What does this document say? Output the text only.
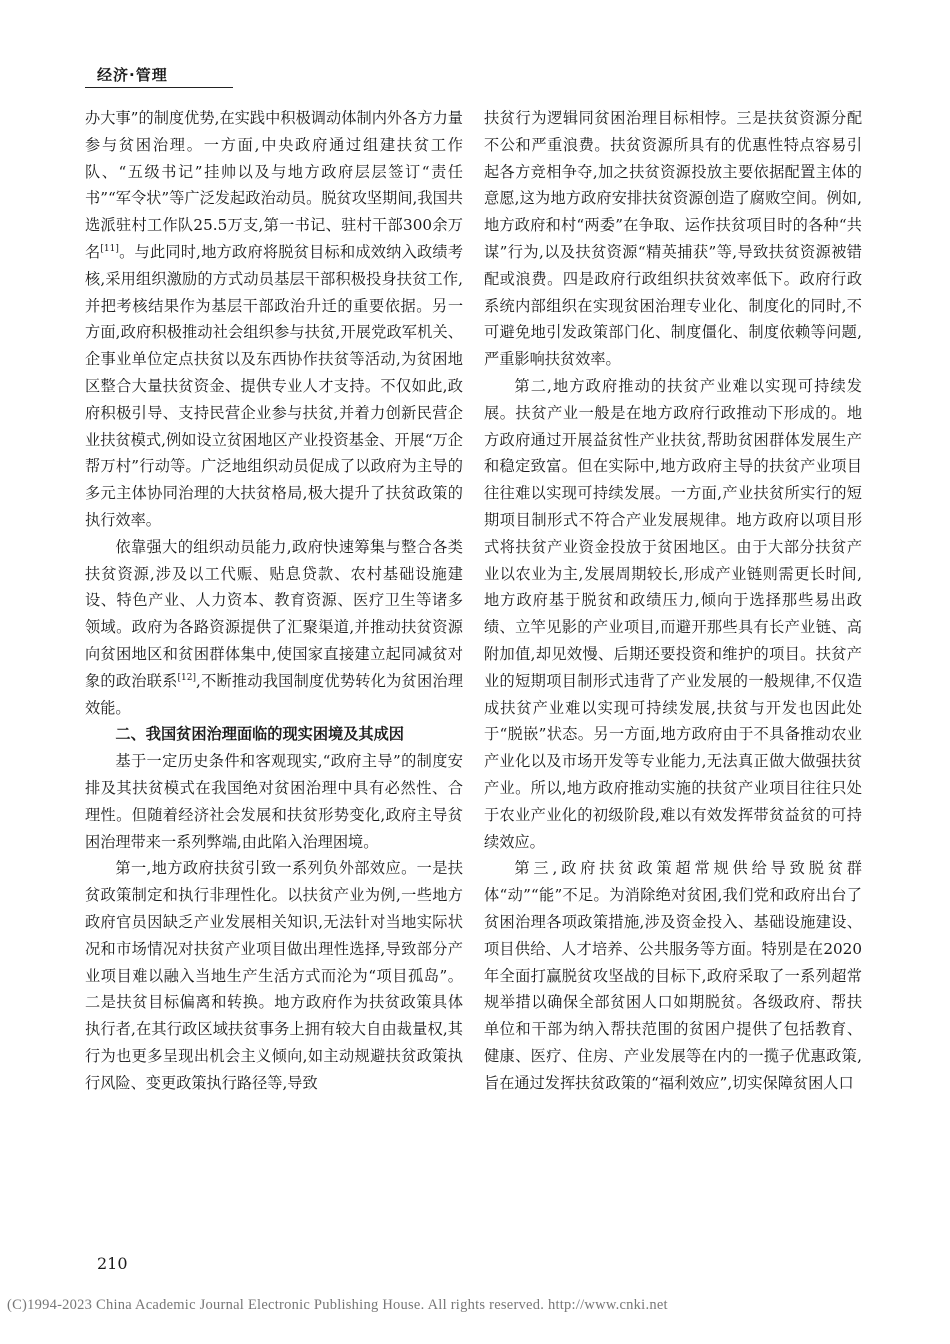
经济·管理

办大事”的制度优势,在实践中积极调动体制内外各方力量参与贫困治理。一方面,中央政府通过组建扶贫工作队、“五级书记”挂帅以及与地方政府层层签订“责任书”“军令状”等广泛发起政治动员。脱贫攻坚期间,我国共选派驻村工作队25.5万支,第一书记、驻村干部300余万名[11]。与此同时,地方政府将脱贫目标和成效纳入政绩考核,采用组织激励的方式动员基层干部积极投身扶贫工作,并把考核结果作为基层干部政治升迁的重要依据。另一方面,政府积极推动社会组织参与扶贫,开展党政军机关、企事业单位定点扶贫以及东西协作扶贫等活动,为贫困地区整合大量扶贫资金、提供专业人才支持。不仅如此,政府积极引导、支持民营企业参与扶贫,并着力创新民营企业扶贫模式,例如设立贫困地区产业投资基金、开展“万企帮万村”行动等。广泛地组织动员促成了以政府为主导的多元主体协同治理的大扶贫格局,极大提升了扶贫政策的执行效率。

依靠强大的组织动员能力,政府快速筹集与整合各类扶贫资源,涉及以工代赈、贴息贷款、农村基础设施建设、特色产业、人力资本、教育资源、医疗卫生等诸多领域。政府为各路资源提供了汇聚渠道,并推动扶贫资源向贫困地区和贫困群体集中,使国家直接建立起同减贫对象的政治联系[12],不断推动我国制度优势转化为贫困治理效能。

二、我国贫困治理面临的现实困境及其成因

基于一定历史条件和客观现实,“政府主导”的制度安排及其扶贫模式在我国绝对贫困治理中具有必然性、合理性。但随着经济社会发展和扶贫形势变化,政府主导贫困治理带来一系列弊端,由此陷入治理困境。

第一,地方政府扶贫引致一系列负外部效应。一是扶贫政策制定和执行非理性化。以扶贫产业为例,一些地方政府官员因缺乏产业发展相关知识,无法针对当地实际状况和市场情况对扶贫产业项目做出理性选择,导致部分产业项目难以融入当地生产生活方式而沦为“项目孤岛”。二是扶贫目标偏离和转换。地方政府作为扶贫政策具体执行者,在其行政区域扶贫事务上拥有较大自由裁量权,其行为也更多呈现出机会主义倾向,如主动规避扶贫政策执行风险、变更政策执行路径等,导致

扶贫行为逻辑同贫困治理目标相悖。三是扶贫资源分配不公和严重浪费。扶贫资源所具有的优惠性特点容易引起各方竞相争夺,加之扶贫资源投放主要依据配置主体的意愿,这为地方政府安排扶贫资源创造了腐败空间。例如,地方政府和村“两委”在争取、运作扶贫项目时的各种“共谋”行为,以及扶贫资源“精英捕获”等,导致扶贫资源被错配或浪费。四是政府行政组织扶贫效率低下。政府行政系统内部组织在实现贫困治理专业化、制度化的同时,不可避免地引发政策部门化、制度僵化、制度依赖等问题,严重影响扶贫效率。

第二,地方政府推动的扶贫产业难以实现可持续发展。扶贫产业一般是在地方政府行政推动下形成的。地方政府通过开展益贫性产业扶贫,帮助贫困群体发展生产和稳定致富。但在实际中,地方政府主导的扶贫产业项目往往难以实现可持续发展。一方面,产业扶贫所实行的短期项目制形式不符合产业发展规律。地方政府以项目形式将扶贫产业资金投放于贫困地区。由于大部分扶贫产业以农业为主,发展周期较长,形成产业链则需更长时间,地方政府基于脱贫和政绩压力,倾向于选择那些易出政绩、立竿见影的产业项目,而避开那些具有长产业链、高附加值,却见效慢、后期还要投资和维护的项目。扶贫产业的短期项目制形式违背了产业发展的一般规律,不仅造成扶贫产业难以实现可持续发展,扶贫与开发也因此处于“脱嵌”状态。另一方面,地方政府由于不具备推动农业产业化以及市场开发等专业能力,无法真正做大做强扶贫产业。所以,地方政府推动实施的扶贫产业项目往往只处于农业产业化的初级阶段,难以有效发挥带贫益贫的可持续效应。

第三,政府扶贫政策超常规供给导致脱贫群体“动”“能”不足。为消除绝对贫困,我们党和政府出台了贫困治理各项政策措施,涉及资金投入、基础设施建设、项目供给、人才培养、公共服务等方面。特别是在2020年全面打赢脱贫攻坚战的目标下,政府采取了一系列超常规举措以确保全部贫困人口如期脱贫。各级政府、帮扶单位和干部为纳入帮扶范围的贫困户提供了包括教育、健康、医疗、住房、产业发展等在内的一揽子优惠政策,旨在通过发挥扶贫政策的“福利效应”,切实保障贫困人口

210
(C)1994-2023 China Academic Journal Electronic Publishing House. All rights reserved. http://www.cnki.net
